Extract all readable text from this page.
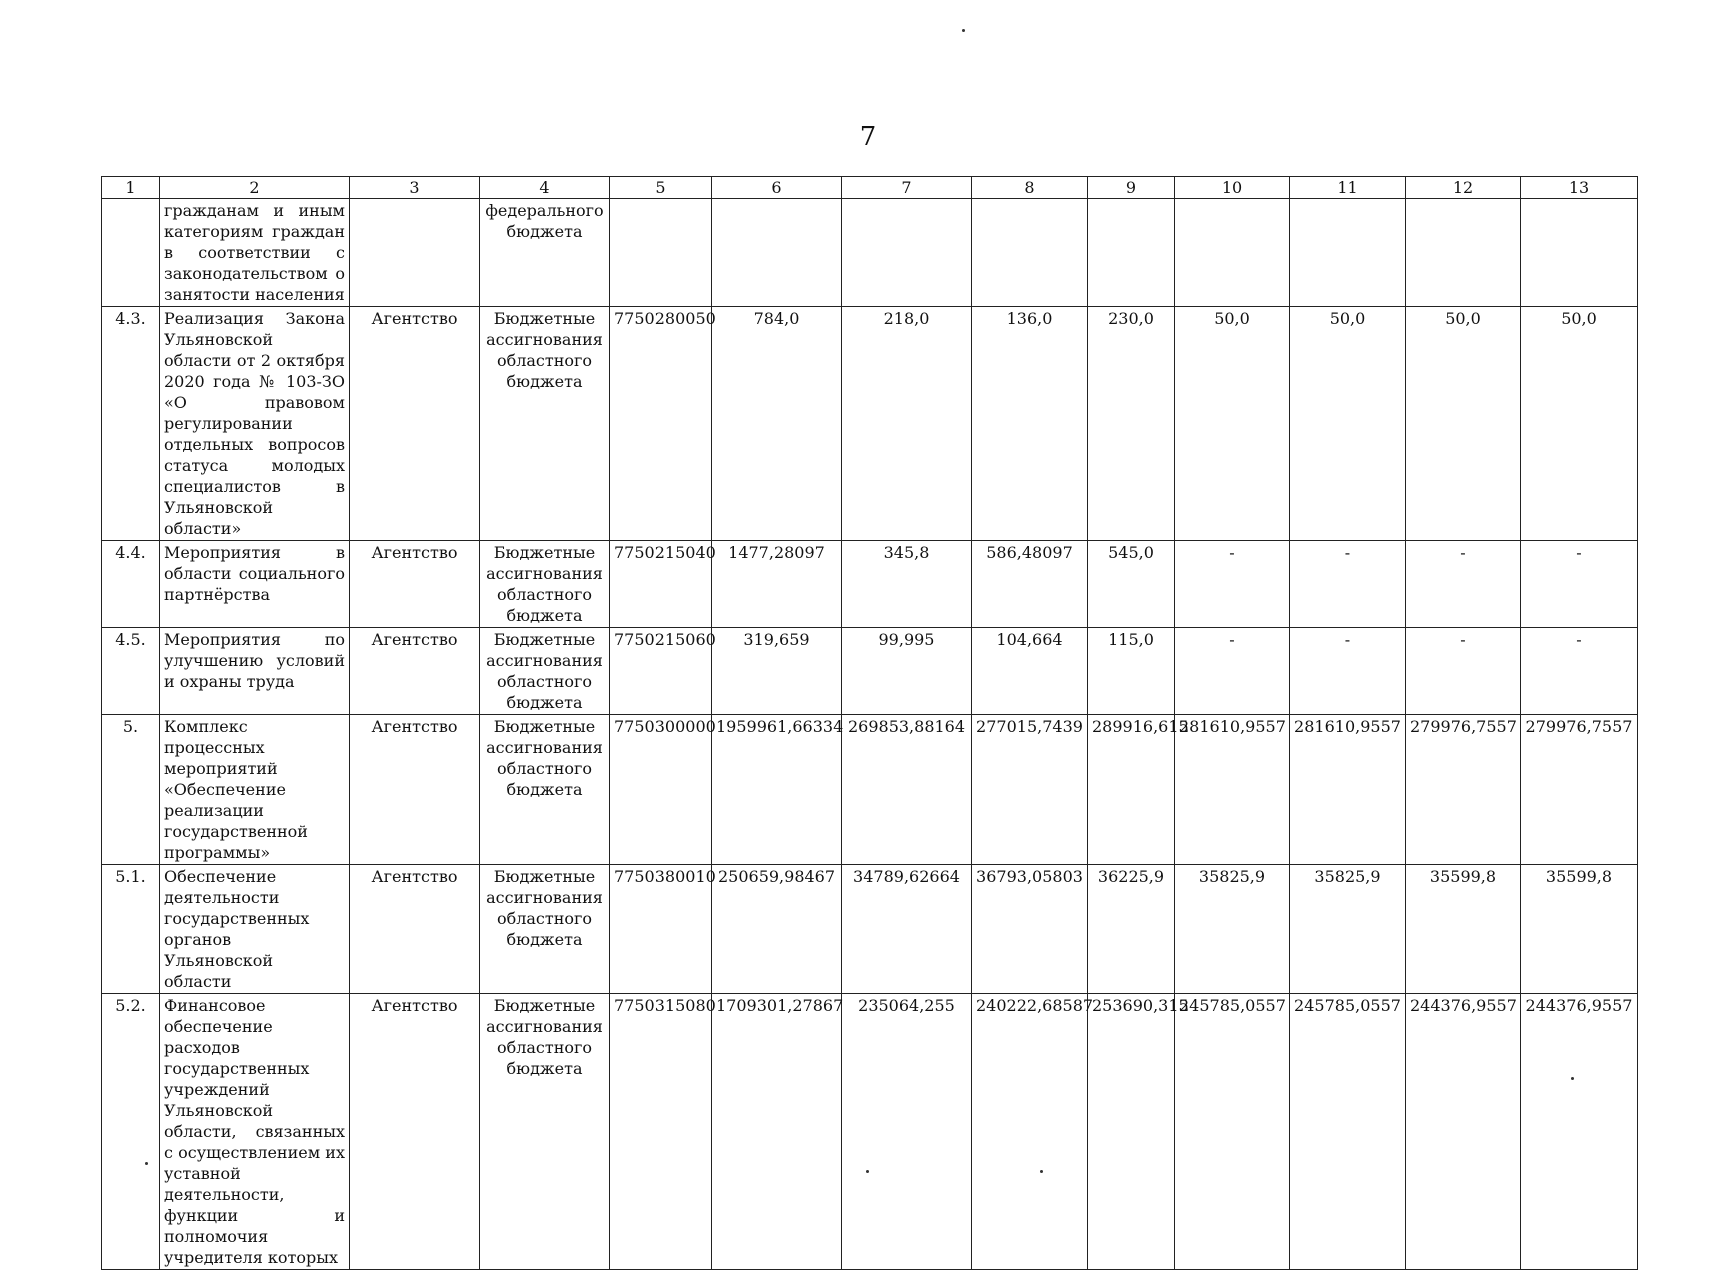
7
1	2	3	4	5	6	7	8	9	10	11	12	13
	гражданам и иным категориям граждан в соответствии с законодательством о занятости населения		федерального бюджета									
4.3.	Реализация Закона Ульяновской области от 2 октября 2020 года № 103-ЗО «О правовом регулировании отдельных вопросов статуса молодых специалистов в Ульяновской области»	Агентство	Бюджетные ассигнования областного бюджета	7750280050	784,0	218,0	136,0	230,0	50,0	50,0	50,0	50,0
4.4.	Мероприятия в области социального партнёрства	Агентство	Бюджетные ассигнования областного бюджета	7750215040	1477,28097	345,8	586,48097	545,0	-	-	-	-
4.5.	Мероприятия по улучшению условий и охраны труда	Агентство	Бюджетные ассигнования областного бюджета	7750215060	319,659	99,995	104,664	115,0	-	-	-	-
5.	Комплекс процессных мероприятий «Обеспечение реализации государственной программы»	Агентство	Бюджетные ассигнования областного бюджета	7750300000	1959961,66334	269853,88164	277015,7439	289916,615	281610,9557	281610,9557	279976,7557	279976,7557
5.1.	Обеспечение деятельности государственных органов Ульяновской области	Агентство	Бюджетные ассигнования областного бюджета	7750380010	250659,98467	34789,62664	36793,05803	36225,9	35825,9	35825,9	35599,8	35599,8
5.2.	Финансовое обеспечение расходов государственных учреждений Ульяновской области, связанных с осуществлением их уставной деятельности, функции и полномочия учредителя которых	Агентство	Бюджетные ассигнования областного бюджета	7750315080	1709301,27867	235064,255	240222,68587	253690,315	245785,0557	245785,0557	244376,9557	244376,9557
